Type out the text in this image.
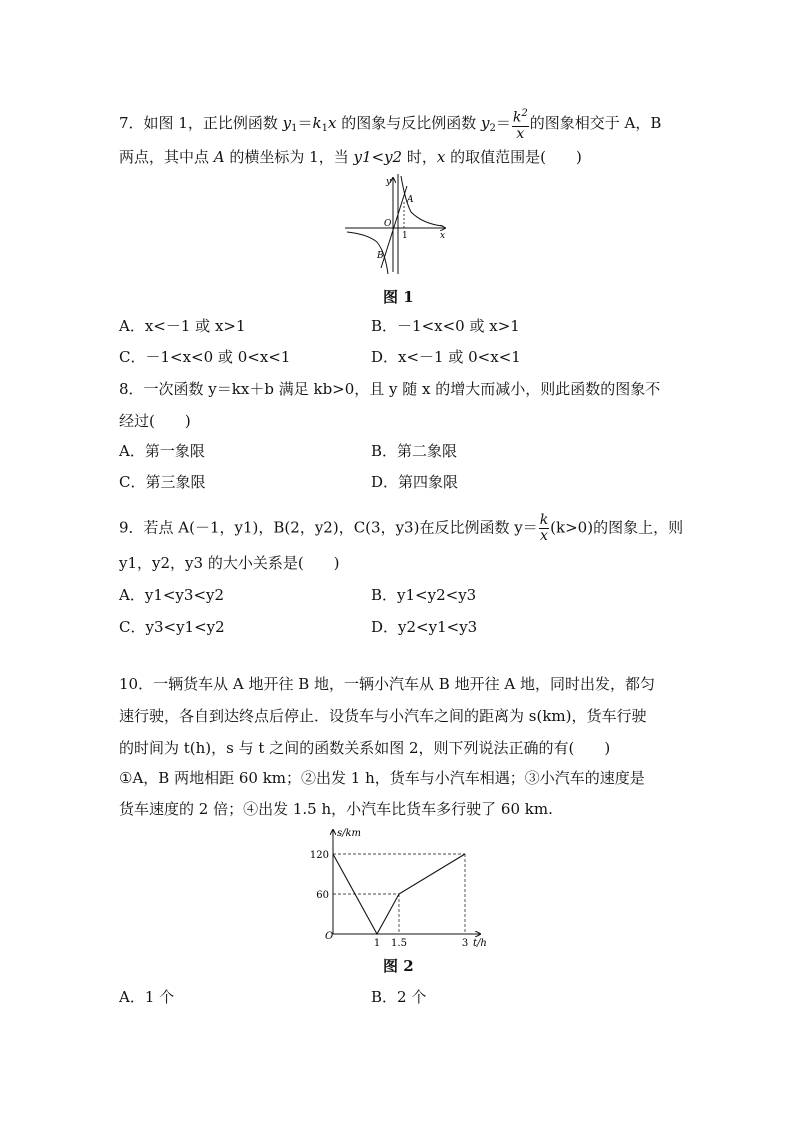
7．如图 1，正比例函数 $y_1=k_1x$ 的图象与反比例函数 $y_2= \frac{k^2}{x}$ 的图象相交于 A，B
两点，其中点 A 的横坐标为 1，当 y1<y2 时，x 的取值范围是(　　)
y
x
O
1
A
B
图 1
A．x<－1 或 x>1	B．－1<x<0 或 x>1
C．－1<x<0 或 0<x<1	D．x<－1 或 0<x<1
8．一次函数 y＝kx＋b 满足 kb>0，且 y 随 x 的增大而减小，则此函数的图象不
经过(　　)
A．第一象限	B．第二象限
C．第三象限	D．第四象限
9．若点 A(－1，y1)，B(2，y2)，C(3，y3)在反比例函数 $y= \frac{k}{x} (k>0)$的图象上，则
y1，y2，y3 的大小关系是(　　)
A．y1<y3<y2	B．y1<y2<y3
C．y3<y1<y2	D．y2<y1<y3
10．一辆货车从 A 地开往 B 地，一辆小汽车从 B 地开往 A 地，同时出发，都匀
速行驶，各自到达终点后停止．设货车与小汽车之间的距离为 s(km)，货车行驶
的时间为 t(h)，s 与 t 之间的函数关系如图 2，则下列说法正确的有(　　)
①A，B 两地相距 60 km；②出发 1 h，货车与小汽车相遇；③小汽车的速度是
货车速度的 2 倍；④出发 1.5 h，小汽车比货车多行驶了 60 km.
1 1.5	3
60
120
O
t/h
s/km
图 2
A．1 个	B．2 个
